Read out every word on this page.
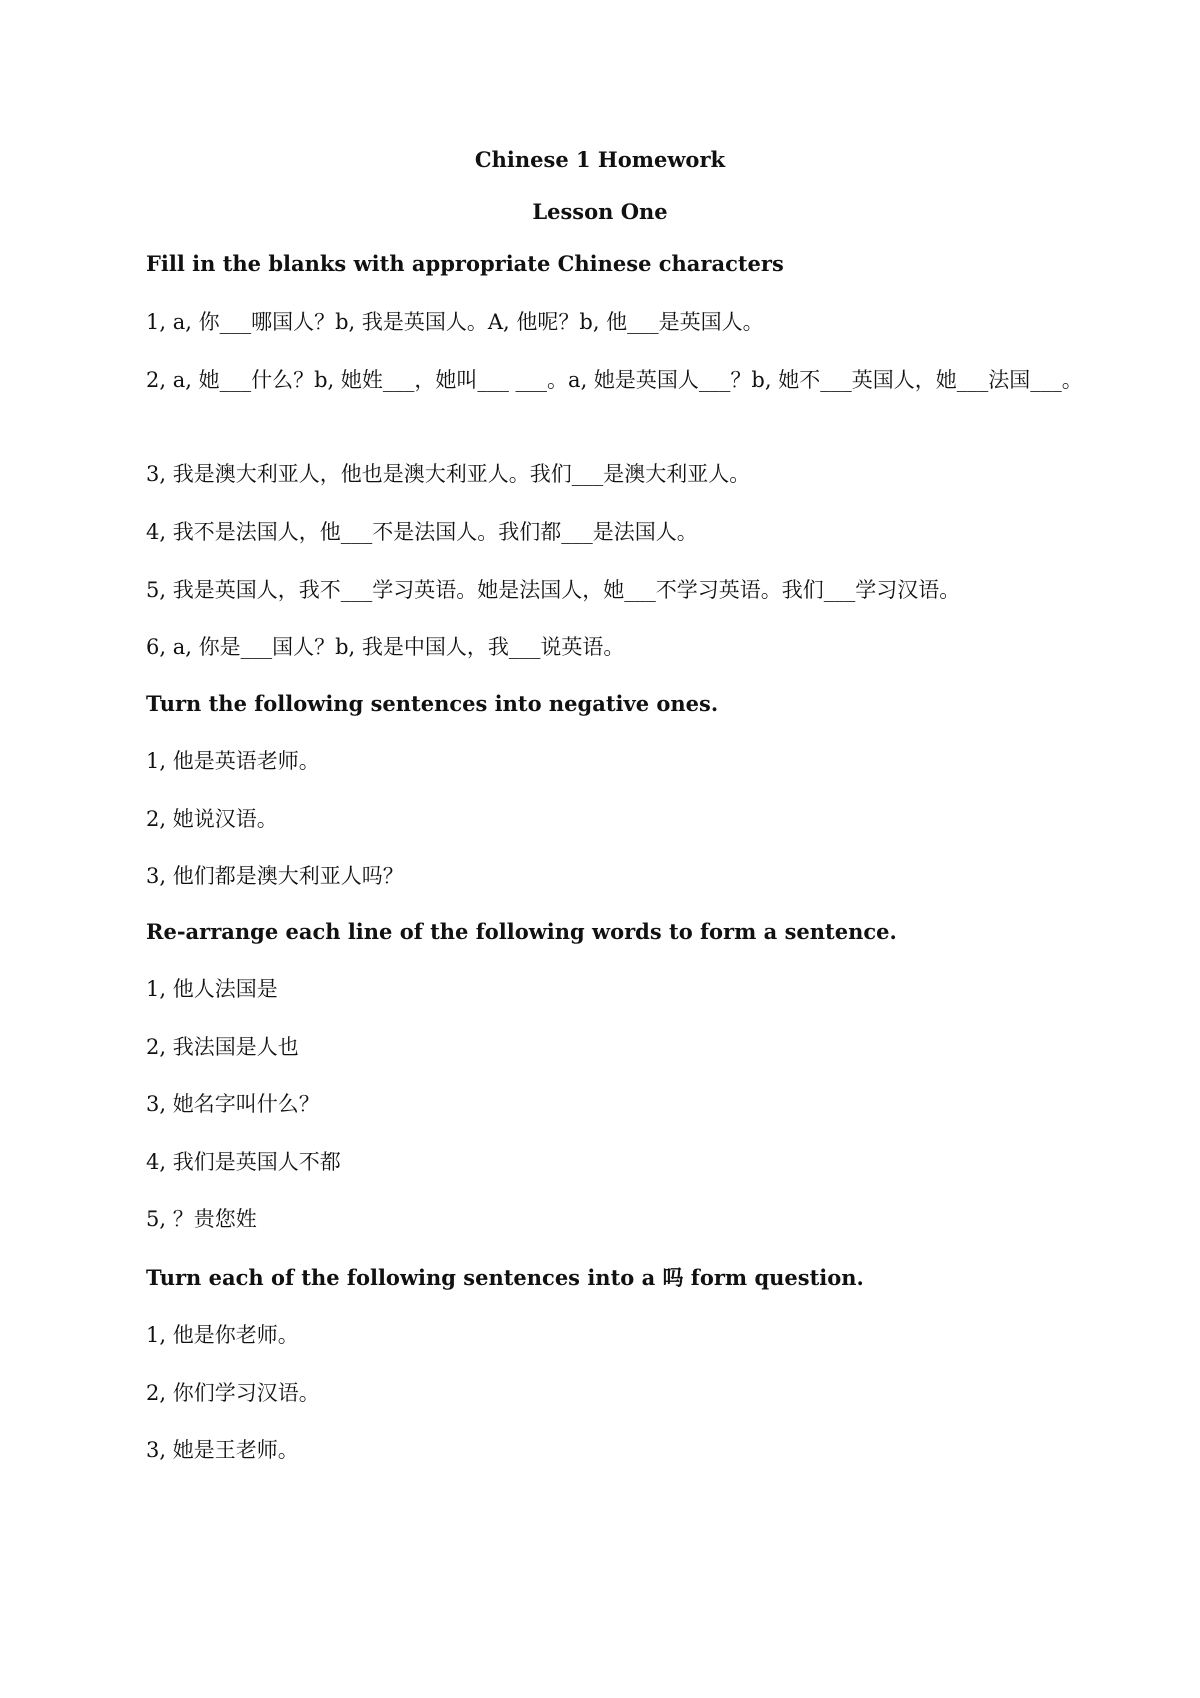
Chinese 1 Homework
Lesson One

Fill in the blanks with appropriate Chinese characters

1, a, 你___哪国人？b, 我是英国人。A, 他呢？b, 他___是英国人。

2, a, 她___什么？b, 她姓___，她叫___ ___。a, 她是英国人___？b, 她不___英国人，她___法国___。

3, 我是澳大利亚人，他也是澳大利亚人。我们___是澳大利亚人。

4, 我不是法国人，他___不是法国人。我们都___是法国人。

5, 我是英国人，我不___学习英语。她是法国人，她___不学习英语。我们___学习汉语。

6, a, 你是___国人？b, 我是中国人，我___说英语。

Turn the following sentences into negative ones.

1, 他是英语老师。

2, 她说汉语。

3, 他们都是澳大利亚人吗？

Re-arrange each line of the following words to form a sentence.

1, 他人法国是

2, 我法国是人也

3, 她名字叫什么？

4, 我们是英国人不都

5, ？贵您姓

Turn each of the following sentences into a 吗 form question.

1, 他是你老师。

2, 你们学习汉语。

3, 她是王老师。
